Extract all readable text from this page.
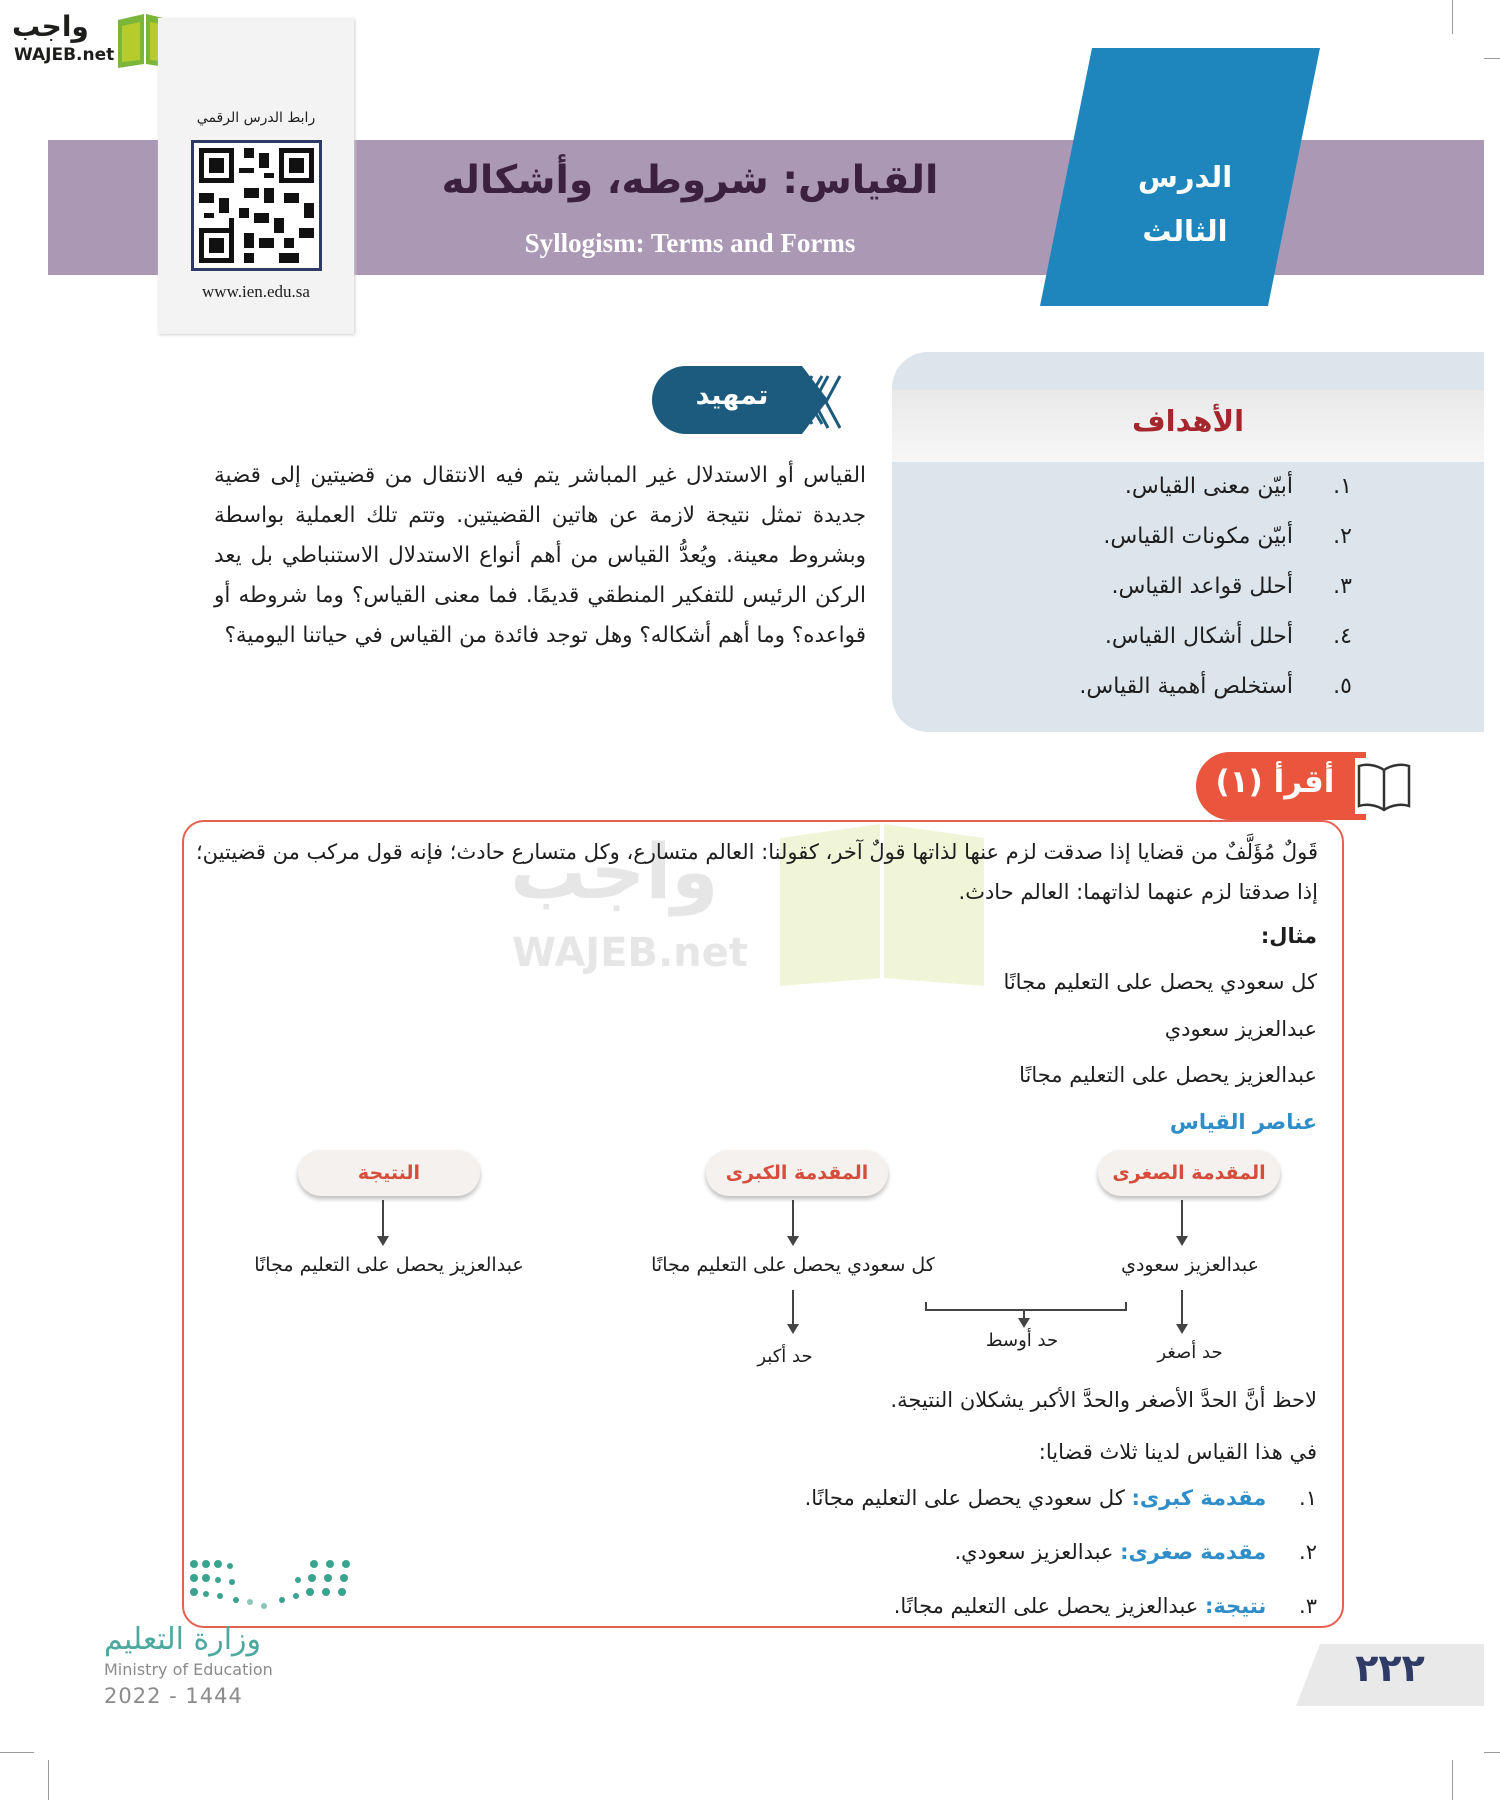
واجب
WAJEB.net
الدرس
الثالث
القياس: شروطه، وأشكاله
Syllogism: Terms and Forms
رابط الدرس الرقمي
www.ien.edu.sa
الأهداف
١. أبيّن معنى القياس.
٢. أبيّن مكونات القياس.
٣. أحلل قواعد القياس.
٤. أحلل أشكال القياس.
٥. أستخلص أهمية القياس.
تمهيد
القياس أو الاستدلال غير المباشر يتم فيه الانتقال من قضيتين إلى قضية جديدة تمثل نتيجة لازمة عن هاتين القضيتين. وتتم تلك العملية بواسطة وبشروط معينة. ويُعدُّ القياس من أهم أنواع الاستدلال الاستنباطي بل يعد الركن الرئيس للتفكير المنطقي قديمًا. فما معنى القياس؟ وما شروطه أو قواعده؟ وما أهم أشكاله؟ وهل توجد فائدة من القياس في حياتنا اليومية؟
أقرأ (١)
واجب
WAJEB.net
قَولٌ مُؤَلَّفٌ من قضايا إذا صدقت لزم عنها لذاتها قولٌ آخر، كقولنا: العالم متسارع، وكل متسارع حادث؛ فإنه قول مركب من قضيتين؛ إذا صدقتا لزم عنهما لذاتهما: العالم حادث.
مثال:
كل سعودي يحصل على التعليم مجانًا
عبدالعزيز سعودي
عبدالعزيز يحصل على التعليم مجانًا
عناصر القياس
المقدمة الصغرى
المقدمة الكبرى
النتيجة
عبدالعزيز سعودي
كل سعودي يحصل على التعليم مجانًا
عبدالعزيز يحصل على التعليم مجانًا
حد أصغر
حد أوسط
حد أكبر
لاحظ أنَّ الحدَّ الأصغر والحدَّ الأكبر يشكلان النتيجة.
في هذا القياس لدينا ثلاث قضايا:
١. مقدمة كبرى: كل سعودي يحصل على التعليم مجانًا.
٢. مقدمة صغرى: عبدالعزيز سعودي.
٣. نتيجة: عبدالعزيز يحصل على التعليم مجانًا.
وزارة التعليم
Ministry of Education
2022 - 1444
٢٢٢
